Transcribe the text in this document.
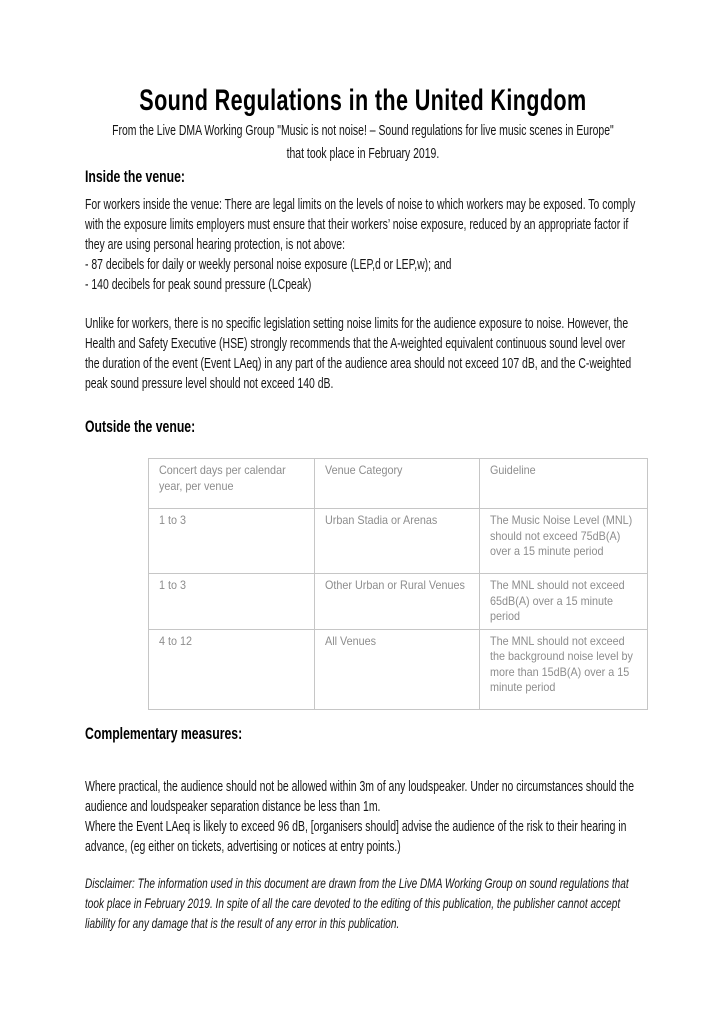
Sound Regulations in the United Kingdom
From the Live DMA Working Group "Music is not noise! – Sound regulations for live music scenes in Europe"
that took place in February 2019.
Inside the venue:
For workers inside the venue: There are legal limits on the levels of noise to which workers may be exposed. To comply with the exposure limits employers must ensure that their workers’ noise exposure, reduced by an appropriate factor if they are using personal hearing protection, is not above:
- 87 decibels for daily or weekly personal noise exposure (LEP,d or LEP,w); and
- 140 decibels for peak sound pressure (LCpeak)
Unlike for workers, there is no specific legislation setting noise limits for the audience exposure to noise. However, the Health and Safety Executive (HSE) strongly recommends that the A-weighted equivalent continuous sound level over the duration of the event (Event LAeq) in any part of the audience area should not exceed 107 dB, and the C-weighted peak sound pressure level should not exceed 140 dB.
Outside the venue:
Concert days per calendar year, per venue	Venue Category	Guideline

1 to 3	Urban Stadia or Arenas	The Music Noise Level (MNL) should not exceed 75dB(A) over a 15 minute period

1 to 3	Other Urban or Rural Venues	The MNL should not exceed 65dB(A) over a 15 minute period

4 to 12	All Venues	The MNL should not exceed the background noise level by more than 15dB(A) over a 15 minute period
Complementary measures:
Where practical, the audience should not be allowed within 3m of any loudspeaker. Under no circumstances should the audience and loudspeaker separation distance be less than 1m.
Where the Event LAeq is likely to exceed 96 dB, [organisers should] advise the audience of the risk to their hearing in advance, (eg either on tickets, advertising or notices at entry points.)
Disclaimer: The information used in this document are drawn from the Live DMA Working Group on sound regulations that took place in February 2019. In spite of all the care devoted to the editing of this publication, the publisher cannot accept liability for any damage that is the result of any error in this publication.
